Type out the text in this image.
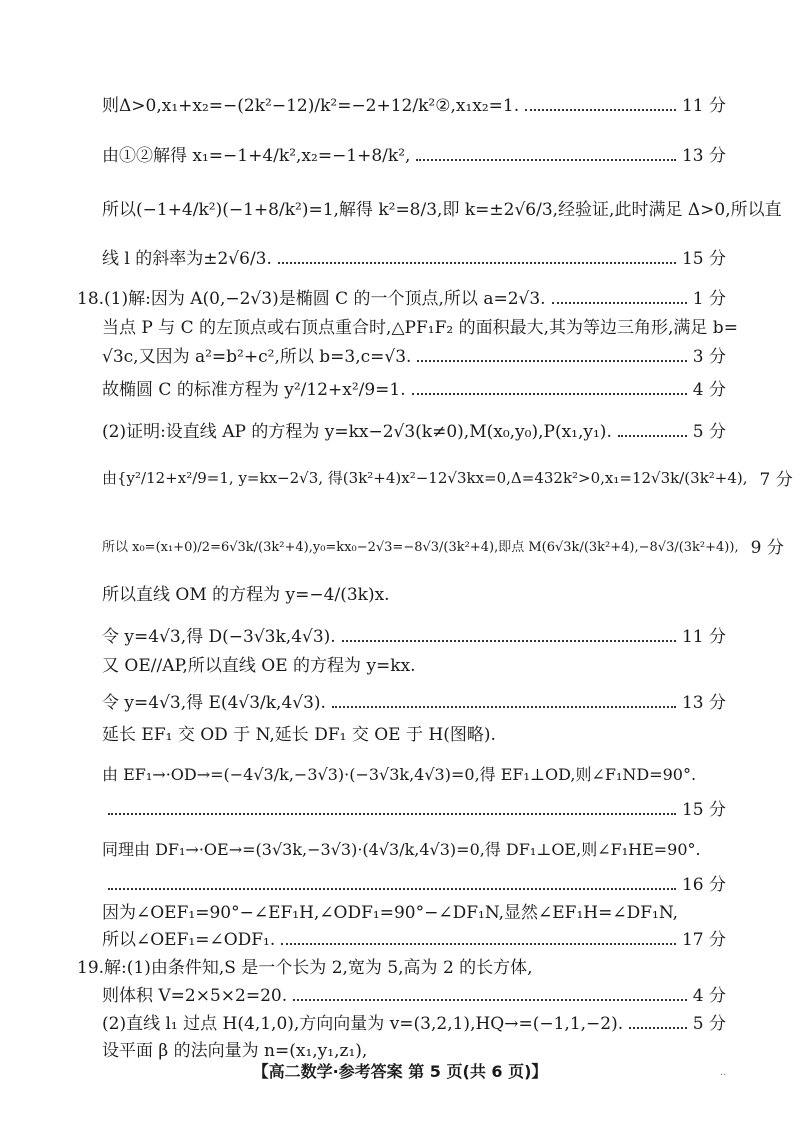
则Δ>0,x₁+x₂=−(2k²−12)/k²=−2+12/k²②,x₁x₂=1.	11 分
由①②解得 x₁=−1+4/k²,x₂=−1+8/k²,	13 分
所以(−1+4/k²)(−1+8/k²)=1,解得 k²=8/3,即 k=±2√6/3,经验证,此时满足 Δ>0,所以直
线 l 的斜率为±2√6/3.	15 分
18.(1)解:因为 A(0,−2√3)是椭圆 C 的一个顶点,所以 a=2√3.	1 分
当点 P 与 C 的左顶点或右顶点重合时,△PF₁F₂ 的面积最大,其为等边三角形,满足 b=
√3c,又因为 a²=b²+c²,所以 b=3,c=√3.	3 分
故椭圆 C 的标准方程为 y²/12+x²/9=1.	4 分
(2)证明:设直线 AP 的方程为 y=kx−2√3(k≠0),M(x₀,y₀),P(x₁,y₁).	5 分
由{y²/12+x²/9=1, y=kx−2√3, 得(3k²+4)x²−12√3kx=0,Δ=432k²>0,x₁=12√3k/(3k²+4), 7 分
所以 x₀=(x₁+0)/2=6√3k/(3k²+4),y₀=kx₀−2√3=−8√3/(3k²+4),即点 M(6√3k/(3k²+4),−8√3/(3k²+4)), 9 分
所以直线 OM 的方程为 y=−4/(3k)x.
令 y=4√3,得 D(−3√3k,4√3).	11 分
又 OE//AP,所以直线 OE 的方程为 y=kx.
令 y=4√3,得 E(4√3/k,4√3).	13 分
延长 EF₁ 交 OD 于 N,延长 DF₁ 交 OE 于 H(图略).
由 EF₁→·OD→=(−4√3/k,−3√3)·(−3√3k,4√3)=0,得 EF₁⊥OD,则∠F₁ND=90°.
15 分
同理由 DF₁→·OE→=(3√3k,−3√3)·(4√3/k,4√3)=0,得 DF₁⊥OE,则∠F₁HE=90°.
16 分
因为∠OEF₁=90°−∠EF₁H,∠ODF₁=90°−∠DF₁N,显然∠EF₁H=∠DF₁N,
所以∠OEF₁=∠ODF₁.	17 分
19.解:(1)由条件知,S 是一个长为 2,宽为 5,高为 2 的长方体,
则体积 V=2×5×2=20.	4 分
(2)直线 l₁ 过点 H(4,1,0),方向向量为 v=(3,2,1),HQ→=(−1,1,−2).	5 分
设平面 β 的法向量为 n=(x₁,y₁,z₁),
【高二数学·参考答案 第 5 页(共 6 页)】	··
